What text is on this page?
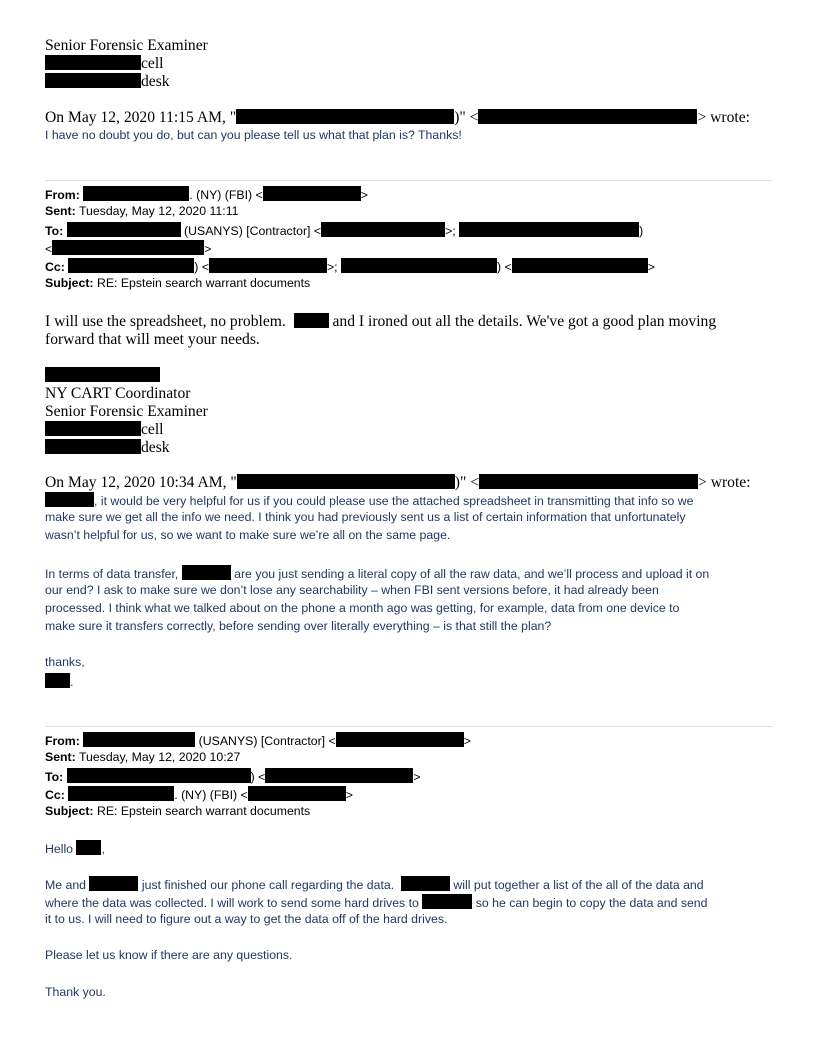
Senior Forensic Examiner
cell
desk
On May 12, 2020 11:15 AM, "	)" <	> wrote:
I have no doubt you do, but can you please tell us what that plan is? Thanks!
From:	. (NY) (FBI) <	>
Sent: Tuesday, May 12, 2020 11:11
To:	(USANYS) [Contractor] <	>;	)
<	>
Cc:	) <	>;	) <	>
Subject: RE: Epstein search warrant documents
I will use the spreadsheet, no problem.	and I ironed out all the details. We've got a good plan moving
forward that will meet your needs.
NY CART Coordinator
Senior Forensic Examiner
cell
desk
On May 12, 2020 10:34 AM, "	)" <	> wrote:
, it would be very helpful for us if you could please use the attached spreadsheet in transmitting that info so we
make sure we get all the info we need. I think you had previously sent us a list of certain information that unfortunately
wasn’t helpful for us, so we want to make sure we’re all on the same page.
In terms of data transfer,	are you just sending a literal copy of all the raw data, and we’ll process and upload it on
our end? I ask to make sure we don’t lose any searchability – when FBI sent versions before, it had already been
processed. I think what we talked about on the phone a month ago was getting, for example, data from one device to
make sure it transfers correctly, before sending over literally everything – is that still the plan?
thanks,
.
From:	(USANYS) [Contractor] <	>
Sent: Tuesday, May 12, 2020 10:27
To:	) <	>
Cc:	. (NY) (FBI) <	>
Subject: RE: Epstein search warrant documents
Hello ,
Me and	just finished our phone call regarding the data.	will put together a list of the all of the data and
where the data was collected. I will work to send some hard drives to	so he can begin to copy the data and send
it to us. I will need to figure out a way to get the data off of the hard drives.
Please let us know if there are any questions.
Thank you.
